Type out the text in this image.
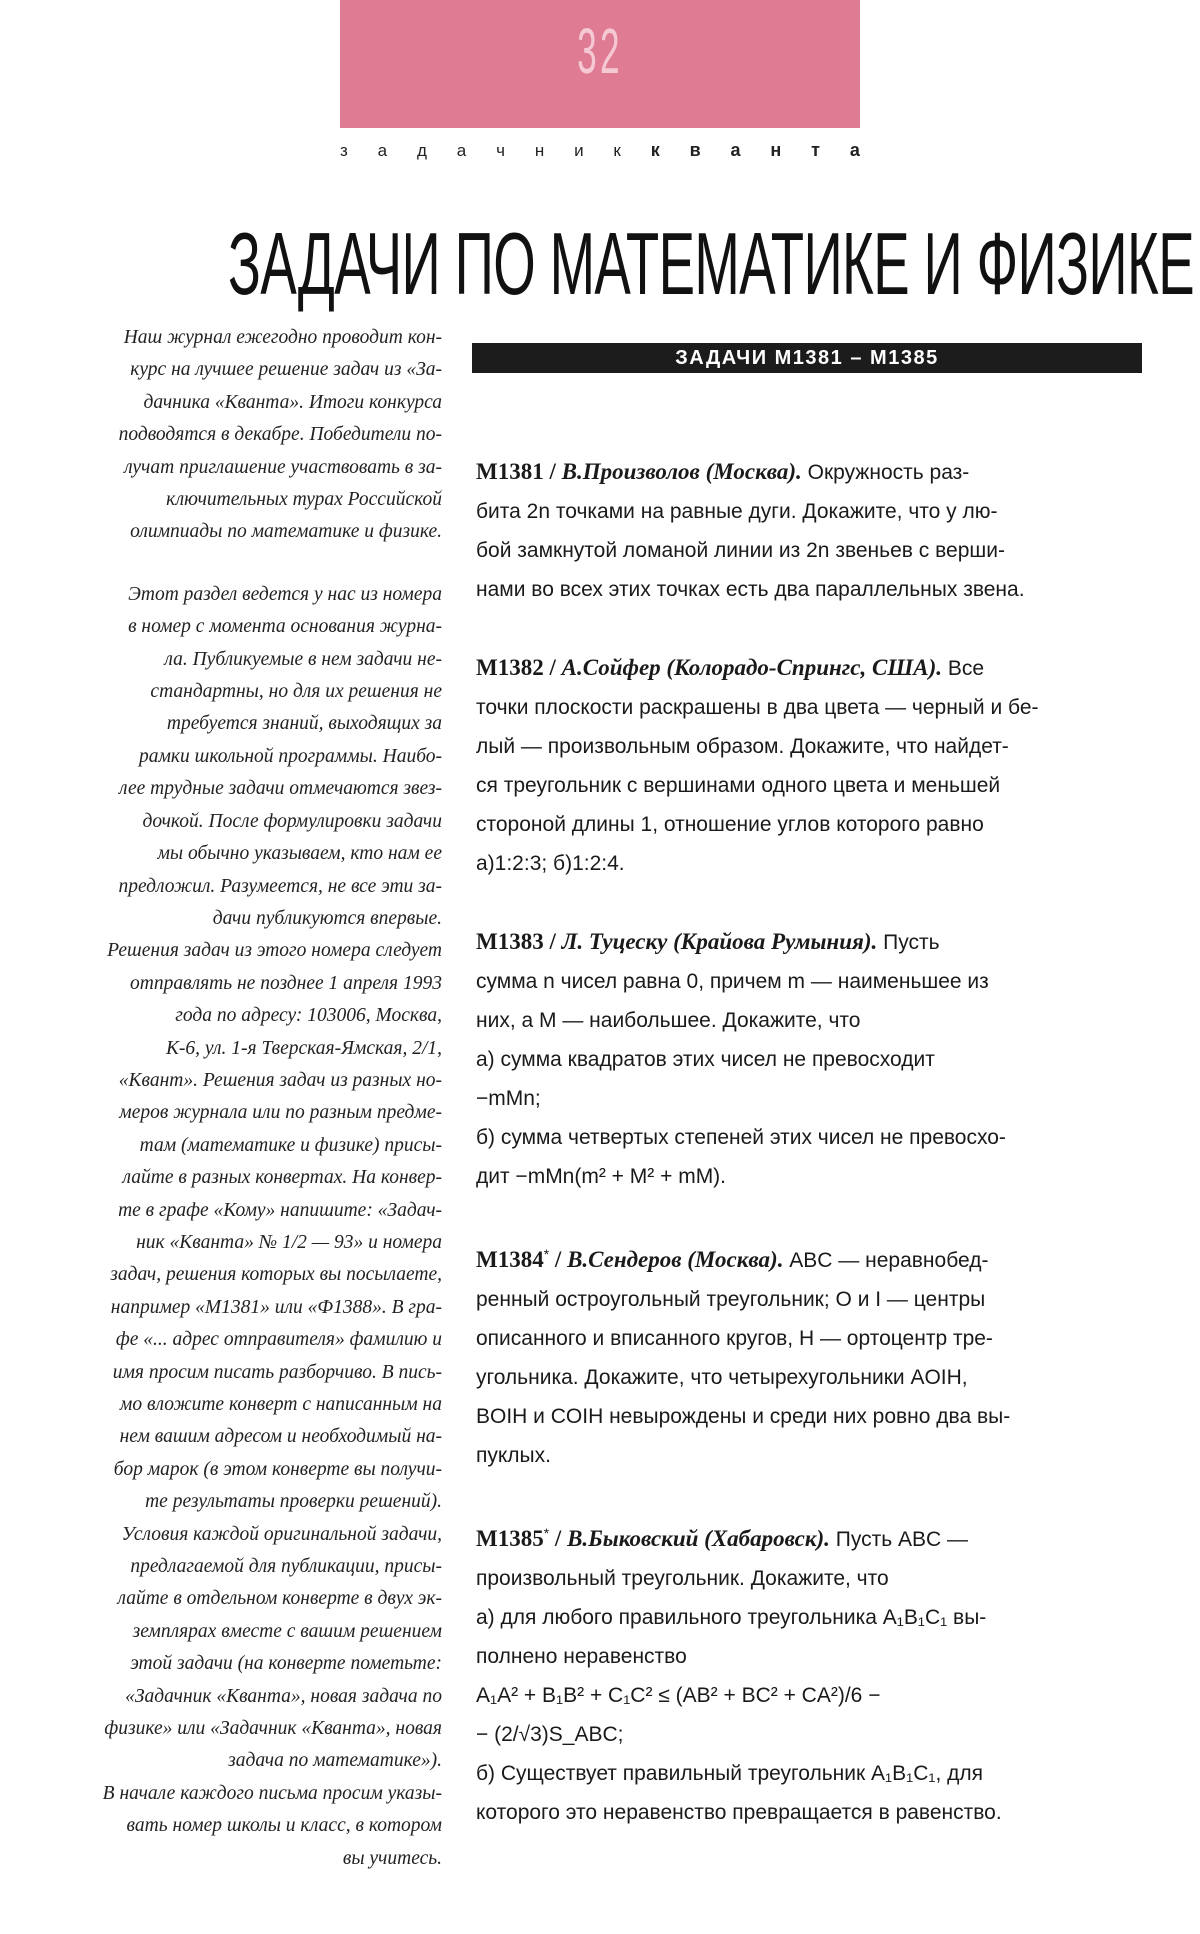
32
з а д а ч н и к к в а н т а
ЗАДАЧИ ПО МАТЕМАТИКЕ И ФИЗИКЕ

Наш журнал ежегодно проводит кон-
курс на лучшее решение задач из «За-
дачника «Кванта». Итоги конкурса
подводятся в декабре. Победители по-
лучат приглашение участвовать в за-
ключительных турах Российской
олимпиады по математике и физике.

Этот раздел ведется у нас из номера
в номер с момента основания журна-
ла. Публикуемые в нем задачи не-
стандартны, но для их решения не
требуется знаний, выходящих за
рамки школьной программы. Наибо-
лее трудные задачи отмечаются звез-
дочкой. После формулировки задачи
мы обычно указываем, кто нам ее
предложил. Разумеется, не все эти за-
дачи публикуются впервые.
Решения задач из этого номера следует
отправлять не позднее 1 апреля 1993
года по адресу: 103006, Москва,
К-6, ул. 1-я Тверская-Ямская, 2/1,
«Квант». Решения задач из разных но-
меров журнала или по разным предме-
там (математике и физике) присы-
лайте в разных конвертах. На конвер-
те в графе «Кому» напишите: «Задач-
ник «Кванта» № 1/2 — 93» и номера
задач, решения которых вы посылаете,
например «М1381» или «Ф1388». В гра-
фе «... адрес отправителя» фамилию и
имя просим писать разборчиво. В пись-
мо вложите конверт с написанным на
нем вашим адресом и необходимый на-
бор марок (в этом конверте вы получи-
те результаты проверки решений).
Условия каждой оригинальной задачи,
предлагаемой для публикации, присы-
лайте в отдельном конверте в двух эк-
земплярах вместе с вашим решением
этой задачи (на конверте пометьте:
«Задачник «Кванта», новая задача по
физике» или «Задачник «Кванта», новая
задача по математике»).
В начале каждого письма просим указы-
вать номер школы и класс, в котором
вы учитесь.

ЗАДАЧИ М1381 – М1385
М1381 / В.Произволов (Москва). Окружность раз-
бита 2n точками на равные дуги. Докажите, что у лю-
бой замкнутой ломаной линии из 2n звеньев с верши-
нами во всех этих точках есть два параллельных звена.
М1382 / А.Сойфер (Колорадо-Спрингс, США). Все
точки плоскости раскрашены в два цвета — черный и бе-
лый — произвольным образом. Докажите, что найдет-
ся треугольник с вершинами одного цвета и меньшей
стороной длины 1, отношение углов которого равно
а)1:2:3; б)1:2:4.
М1383 / Л. Туцеску (Крайова Румыния). Пусть
сумма n чисел равна 0, причем m — наименьшее из
них, а M — наибольшее. Докажите, что
а) сумма квадратов этих чисел не превосходит
−mMn;
б) сумма четвертых степеней этих чисел не превосхо-
дит −mMn(m² + M² + mM).
М1384* / В.Сендеров (Москва). ABC — неравнобед-
ренный остроугольный треугольник; O и I — центры
описанного и вписанного кругов, H — ортоцентр тре-
угольника. Докажите, что четырехугольники AOIH,
BOIH и COIH невырождены и среди них ровно два вы-
пуклых.
М1385* / В.Быковский (Хабаровск). Пусть ABC —
произвольный треугольник. Докажите, что
а) для любого правильного треугольника A₁B₁C₁ вы-
полнено неравенство
A₁A² + B₁B² + C₁C² ≤ (AB² + BC² + CA²)/6 −
− (2/√3)S_ABC;
б) Существует правильный треугольник A₁B₁C₁, для
которого это неравенство превращается в равенство.
